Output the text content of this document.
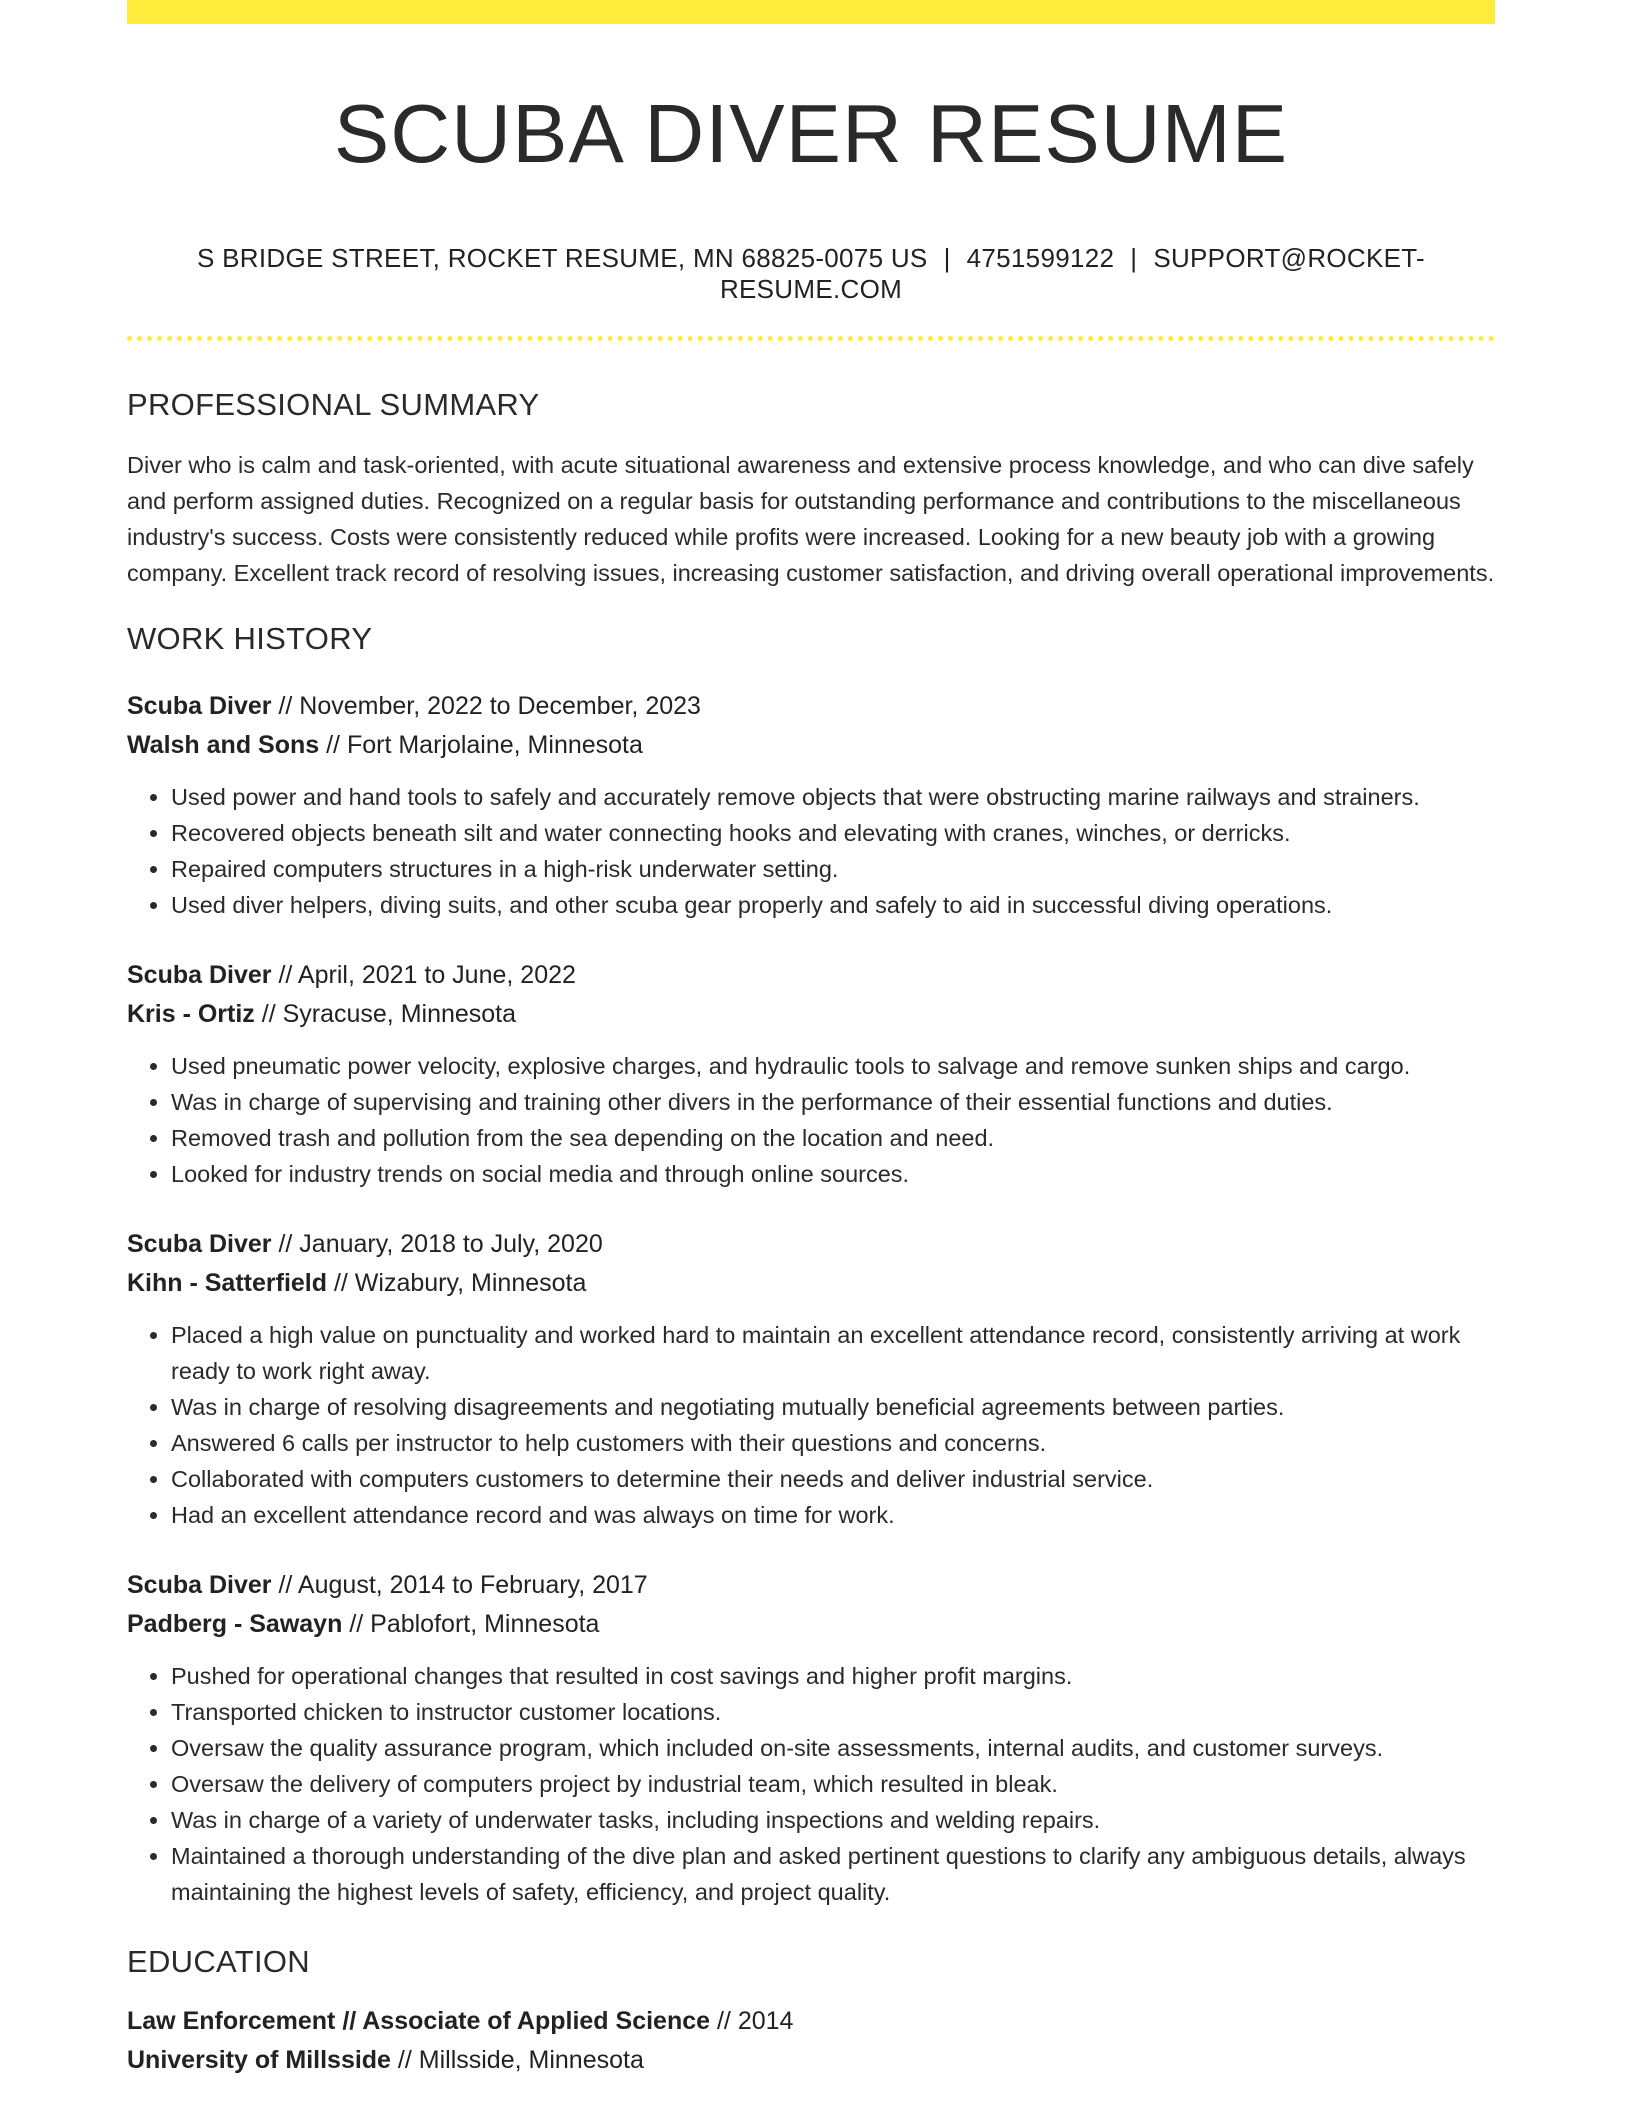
SCUBA DIVER RESUME
S BRIDGE STREET, ROCKET RESUME, MN 68825-0075 US | 4751599122 | SUPPORT@ROCKET-RESUME.COM
PROFESSIONAL SUMMARY

Diver who is calm and task-oriented, with acute situational awareness and extensive process knowledge, and who can dive safely and perform assigned duties. Recognized on a regular basis for outstanding performance and contributions to the miscellaneous industry's success. Costs were consistently reduced while profits were increased. Looking for a new beauty job with a growing company. Excellent track record of resolving issues, increasing customer satisfaction, and driving overall operational improvements.

WORK HISTORY
Scuba Diver // November, 2022 to December, 2023
Walsh and Sons // Fort Marjolaine, Minnesota
• Used power and hand tools to safely and accurately remove objects that were obstructing marine railways and strainers.
• Recovered objects beneath silt and water connecting hooks and elevating with cranes, winches, or derricks.
• Repaired computers structures in a high-risk underwater setting.
• Used diver helpers, diving suits, and other scuba gear properly and safely to aid in successful diving operations.
Scuba Diver // April, 2021 to June, 2022
Kris - Ortiz // Syracuse, Minnesota
• Used pneumatic power velocity, explosive charges, and hydraulic tools to salvage and remove sunken ships and cargo.
• Was in charge of supervising and training other divers in the performance of their essential functions and duties.
• Removed trash and pollution from the sea depending on the location and need.
• Looked for industry trends on social media and through online sources.
Scuba Diver // January, 2018 to July, 2020
Kihn - Satterfield // Wizabury, Minnesota
• Placed a high value on punctuality and worked hard to maintain an excellent attendance record, consistently arriving at work ready to work right away.
• Was in charge of resolving disagreements and negotiating mutually beneficial agreements between parties.
• Answered 6 calls per instructor to help customers with their questions and concerns.
• Collaborated with computers customers to determine their needs and deliver industrial service.
• Had an excellent attendance record and was always on time for work.
Scuba Diver // August, 2014 to February, 2017
Padberg - Sawayn // Pablofort, Minnesota
• Pushed for operational changes that resulted in cost savings and higher profit margins.
• Transported chicken to instructor customer locations.
• Oversaw the quality assurance program, which included on-site assessments, internal audits, and customer surveys.
• Oversaw the delivery of computers project by industrial team, which resulted in bleak.
• Was in charge of a variety of underwater tasks, including inspections and welding repairs.
• Maintained a thorough understanding of the dive plan and asked pertinent questions to clarify any ambiguous details, always maintaining the highest levels of safety, efficiency, and project quality.
EDUCATION
Law Enforcement // Associate of Applied Science // 2014
University of Millsside // Millsside, Minnesota
